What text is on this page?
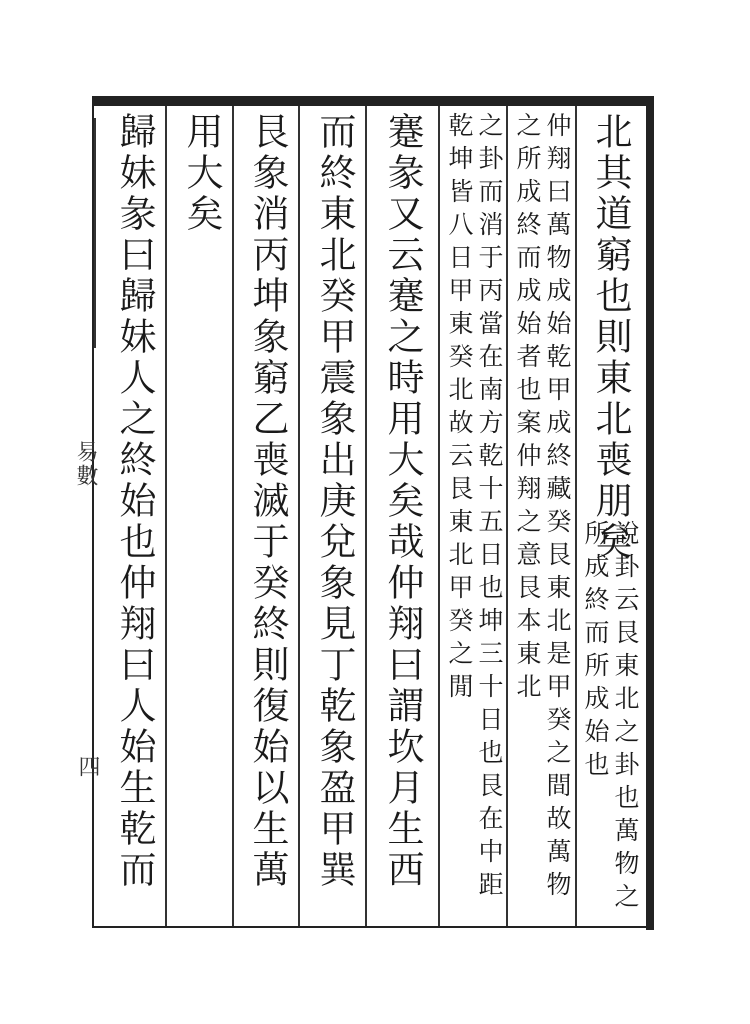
北其道窮也則東北喪朋矣
說卦云艮東北之卦也萬物之所成終而所成始也
仲翔曰萬物成始乾甲成終藏癸艮東北是甲癸之間故萬物之所成終而成始者也案仲翔之意艮本東北
之卦而消于丙當在南方乾十五日也坤三十日也艮在中距乾坤皆八日甲東癸北故云艮東北甲癸之閒
蹇彖又云蹇之時用大矣哉仲翔曰謂坎月生西
而終東北癸甲震象出庚兌象見丁乾象盈甲巽
艮象消丙坤象窮乙喪滅于癸終則復始以生萬
用大矣
歸妹彖曰歸妹人之終始也仲翔曰人始生乾而
易數
四
